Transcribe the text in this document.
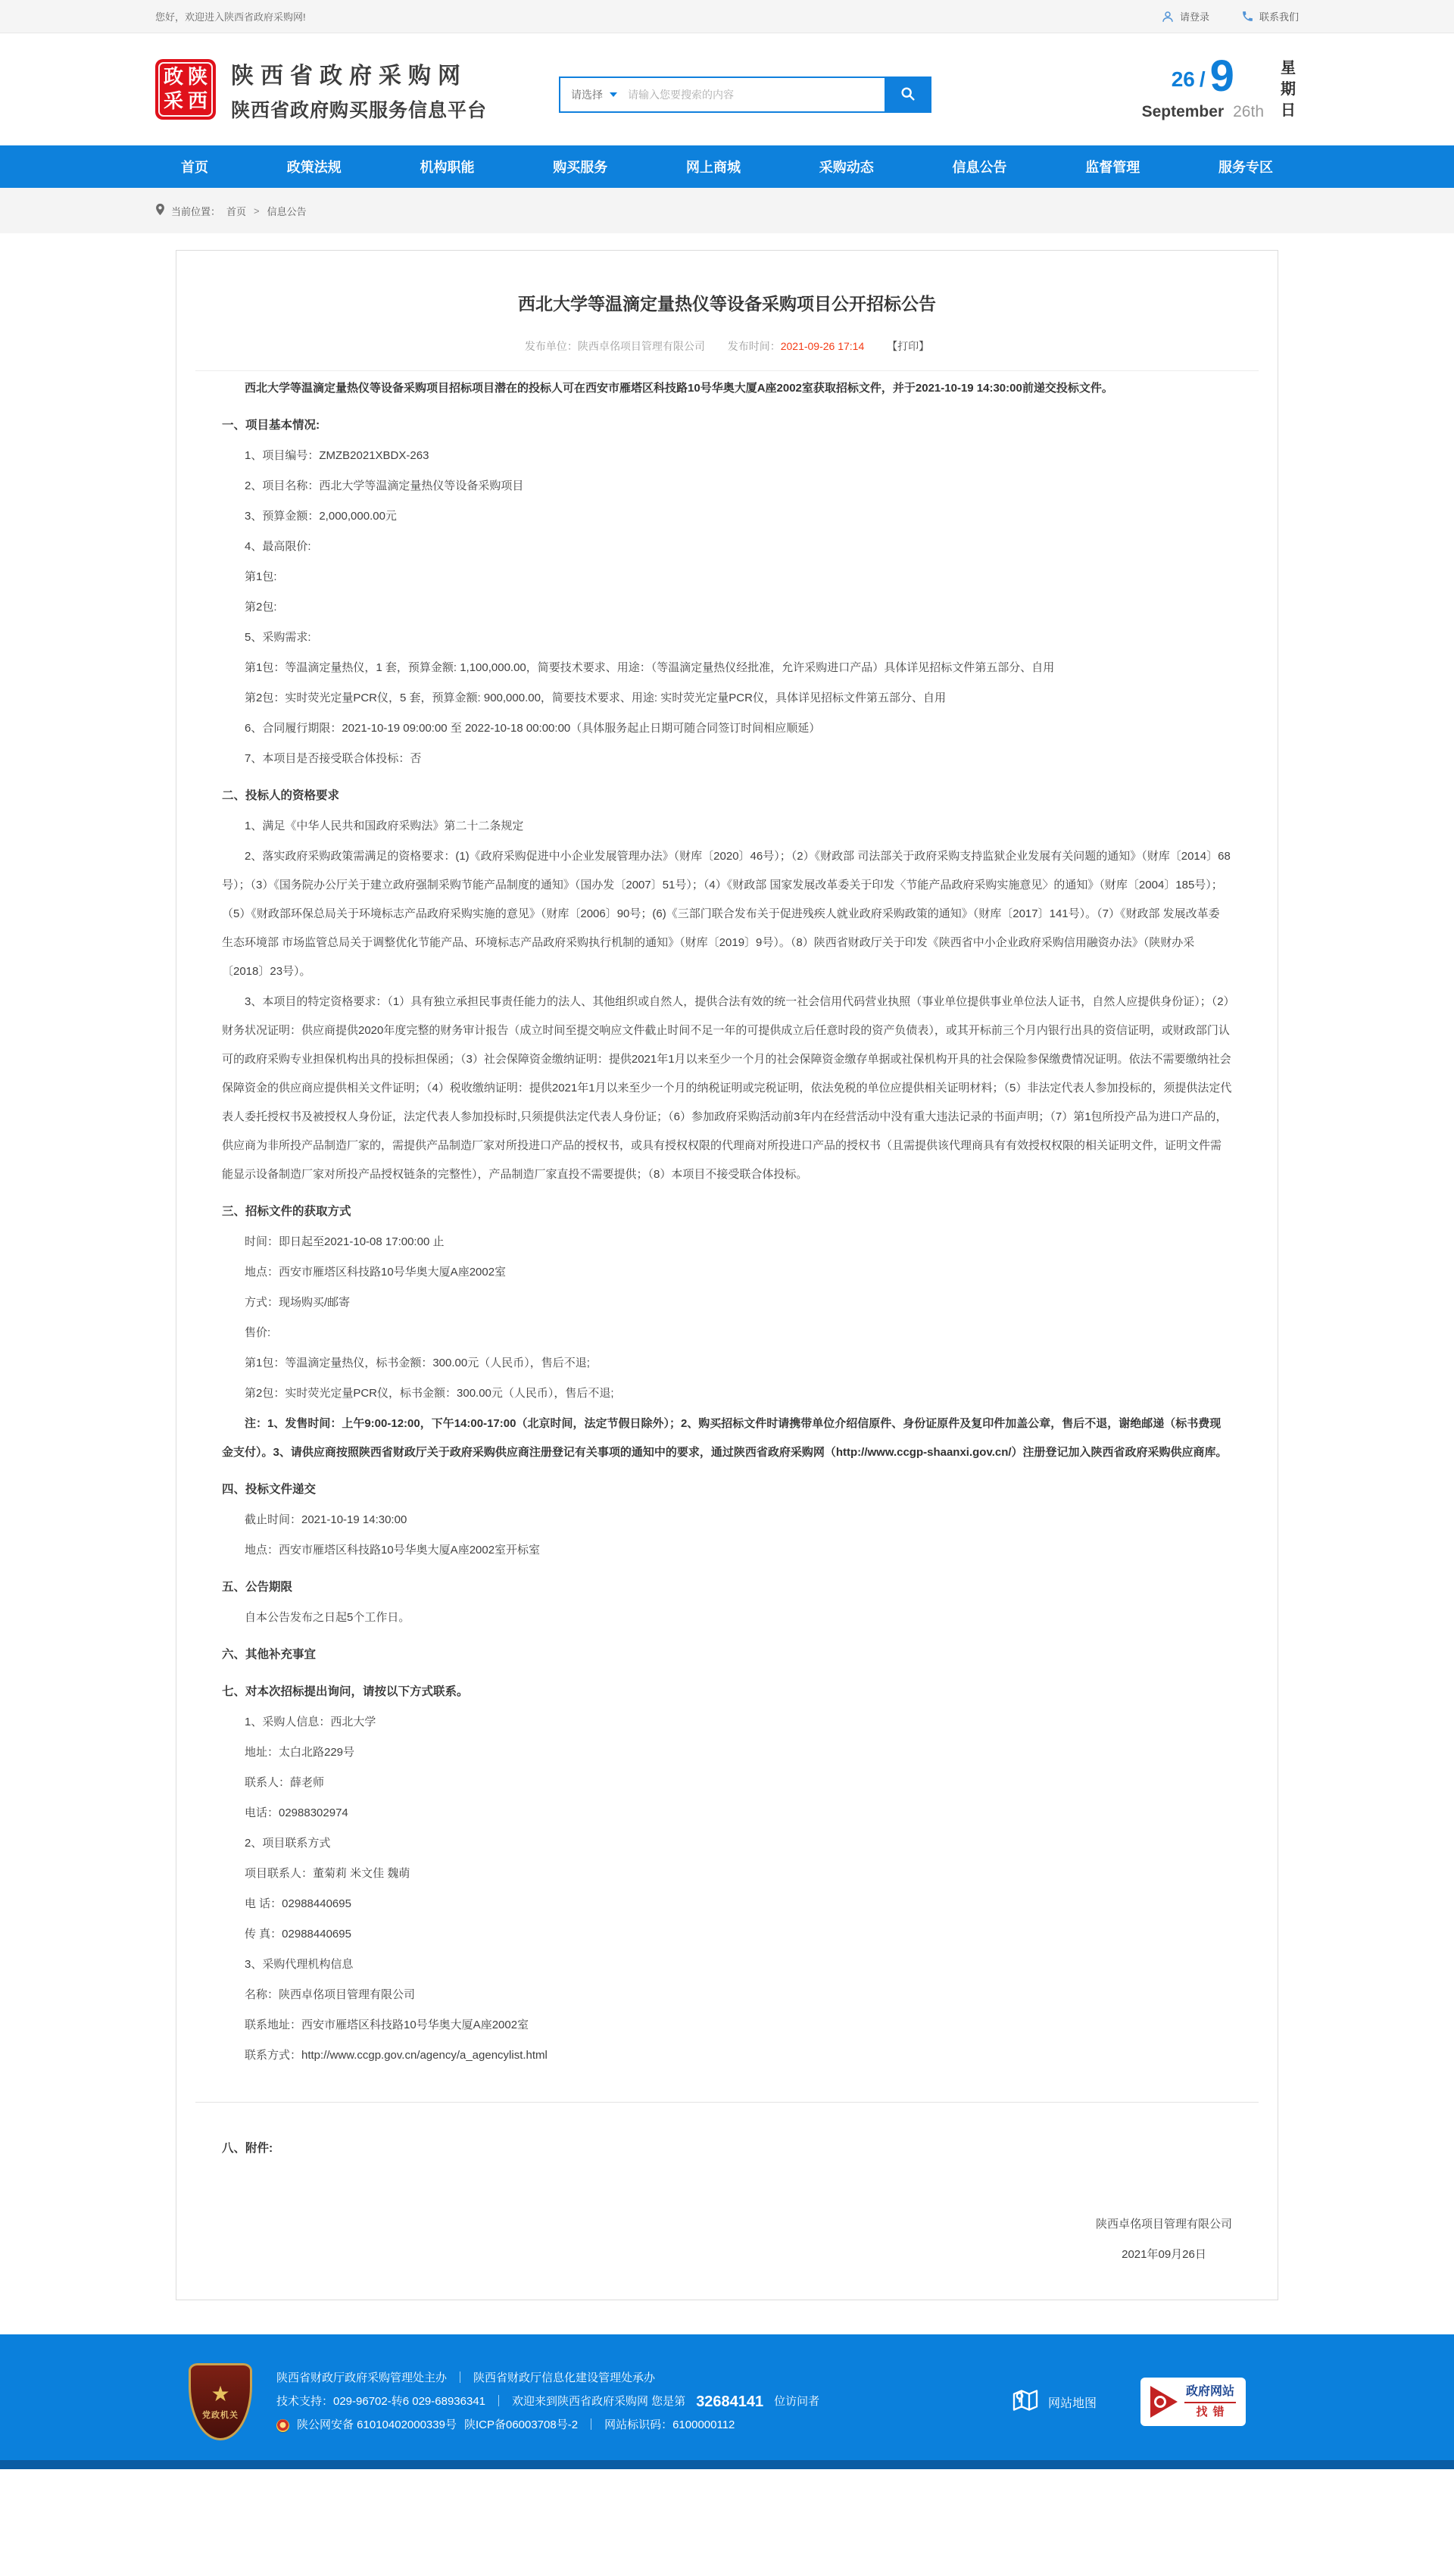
您好，欢迎进入陕西省政府采购网!	请登录	联系我们
政 陕
采 西
陕西省政府采购网
陕西省政府购买服务信息平台
请选择
请输入您要搜索的内容
26 / 9
September 26th
星期日
首页	政策法规	机构职能	购买服务	网上商城	采购动态	信息公告	监督管理	服务专区
当前位置： 首页 > 信息公告
西北大学等温滴定量热仪等设备采购项目公开招标公告
发布单位：陕西卓佲项目管理有限公司 发布时间：2021-09-26 17:14 【打印】

西北大学等温滴定量热仪等设备采购项目招标项目潜在的投标人可在西安市雁塔区科技路10号华奥大厦A座2002室获取招标文件，并于2021-10-19 14:30:00前递交投标文件。

一、项目基本情况:

1、项目编号：ZMZB2021XBDX-263

2、项目名称：西北大学等温滴定量热仪等设备采购项目

3、预算金额：2,000,000.00元

4、最高限价:

第1包:

第2包:

5、采购需求:

第1包：等温滴定量热仪，1 套，预算金额: 1,100,000.00，简要技术要求、用途：（等温滴定量热仪经批准，允许采购进口产品）具体详见招标文件第五部分、自用

第2包：实时荧光定量PCR仪，5 套，预算金额: 900,000.00，简要技术要求、用途: 实时荧光定量PCR仪，具体详见招标文件第五部分、自用

6、合同履行期限：2021-10-19 09:00:00 至 2022-10-18 00:00:00（具体服务起止日期可随合同签订时间相应顺延）

7、本项目是否接受联合体投标：否

二、投标人的资格要求

1、满足《中华人民共和国政府采购法》第二十二条规定

2、落实政府采购政策需满足的资格要求：(1)《政府采购促进中小企业发展管理办法》（财库〔2020〕46号）；（2）《财政部 司法部关于政府采购支持监狱企业发展有关问题的通知》（财库〔2014〕68号）；（3）《国务院办公厅关于建立政府强制采购节能产品制度的通知》（国办发〔2007〕51号）；（4）《财政部 国家发展改革委关于印发〈节能产品政府采购实施意见〉的通知》（财库〔2004〕185号）；（5）《财政部环保总局关于环境标志产品政府采购实施的意见》（财库〔2006〕90号；(6)《三部门联合发布关于促进残疾人就业政府采购政策的通知》（财库〔2017〕141号）。（7）《财政部 发展改革委 生态环境部 市场监管总局关于调整优化节能产品、环境标志产品政府采购执行机制的通知》（财库〔2019〕9号）。（8）陕西省财政厅关于印发《陕西省中小企业政府采购信用融资办法》（陕财办采〔2018〕23号）。

3、本项目的特定资格要求：（1）具有独立承担民事责任能力的法人、其他组织或自然人，提供合法有效的统一社会信用代码营业执照（事业单位提供事业单位法人证书，自然人应提供身份证）；（2）财务状况证明：供应商提供2020年度完整的财务审计报告（成立时间至提交响应文件截止时间不足一年的可提供成立后任意时段的资产负债表），或其开标前三个月内银行出具的资信证明，或财政部门认可的政府采购专业担保机构出具的投标担保函；（3）社会保障资金缴纳证明：提供2021年1月以来至少一个月的社会保障资金缴存单据或社保机构开具的社会保险参保缴费情况证明。依法不需要缴纳社会保障资金的供应商应提供相关文件证明；（4）税收缴纳证明：提供2021年1月以来至少一个月的纳税证明或完税证明，依法免税的单位应提供相关证明材料；（5）非法定代表人参加投标的，须提供法定代表人委托授权书及被授权人身份证，法定代表人参加投标时,只须提供法定代表人身份证；（6）参加政府采购活动前3年内在经营活动中没有重大违法记录的书面声明；（7）第1包所投产品为进口产品的，供应商为非所投产品制造厂家的，需提供产品制造厂家对所投进口产品的授权书，或具有授权权限的代理商对所投进口产品的授权书（且需提供该代理商具有有效授权权限的相关证明文件，证明文件需能显示设备制造厂家对所投产品授权链条的完整性），产品制造厂家直投不需要提供；（8）本项目不接受联合体投标。

三、招标文件的获取方式

时间：即日起至2021-10-08 17:00:00 止

地点：西安市雁塔区科技路10号华奥大厦A座2002室

方式：现场购买/邮寄

售价:

第1包：等温滴定量热仪，标书金额：300.00元（人民币），售后不退;

第2包：实时荧光定量PCR仪，标书金额：300.00元（人民币），售后不退;

注：1、发售时间：上午9:00-12:00，下午14:00-17:00（北京时间，法定节假日除外）；2、购买招标文件时请携带单位介绍信原件、身份证原件及复印件加盖公章，售后不退，谢绝邮递（标书费现金支付）。3、请供应商按照陕西省财政厅关于政府采购供应商注册登记有关事项的通知中的要求，通过陕西省政府采购网（http://www.ccgp-shaanxi.gov.cn/）注册登记加入陕西省政府采购供应商库。

四、投标文件递交

截止时间：2021-10-19 14:30:00

地点：西安市雁塔区科技路10号华奥大厦A座2002室开标室

五、公告期限

自本公告发布之日起5个工作日。

六、其他补充事宜

七、对本次招标提出询问，请按以下方式联系。

1、采购人信息：西北大学

地址：太白北路229号

联系人：薛老师

电话：02988302974

2、项目联系方式

项目联系人：董菊莉 米文佳 魏萌

电 话：02988440695

传 真：02988440695

3、采购代理机构信息

名称：陕西卓佲项目管理有限公司

联系地址：西安市雁塔区科技路10号华奥大厦A座2002室

联系方式：http://www.ccgp.gov.cn/agency/a_agencylist.html

八、附件:

陕西卓佲项目管理有限公司
2021年09月26日
★
党政机关
陕西省财政厅政府采购管理处主办 ｜ 陕西省财政厅信息化建设管理处承办
技术支持：029-96702-转6 029-68936341 ｜ 欢迎来到陕西省政府采购网 您是第 32684141 位访问者
陕公网安备 61010402000339号 陕ICP备06003708号-2 ｜ 网站标识码：6100000112
网站地图
政府网站
找错
